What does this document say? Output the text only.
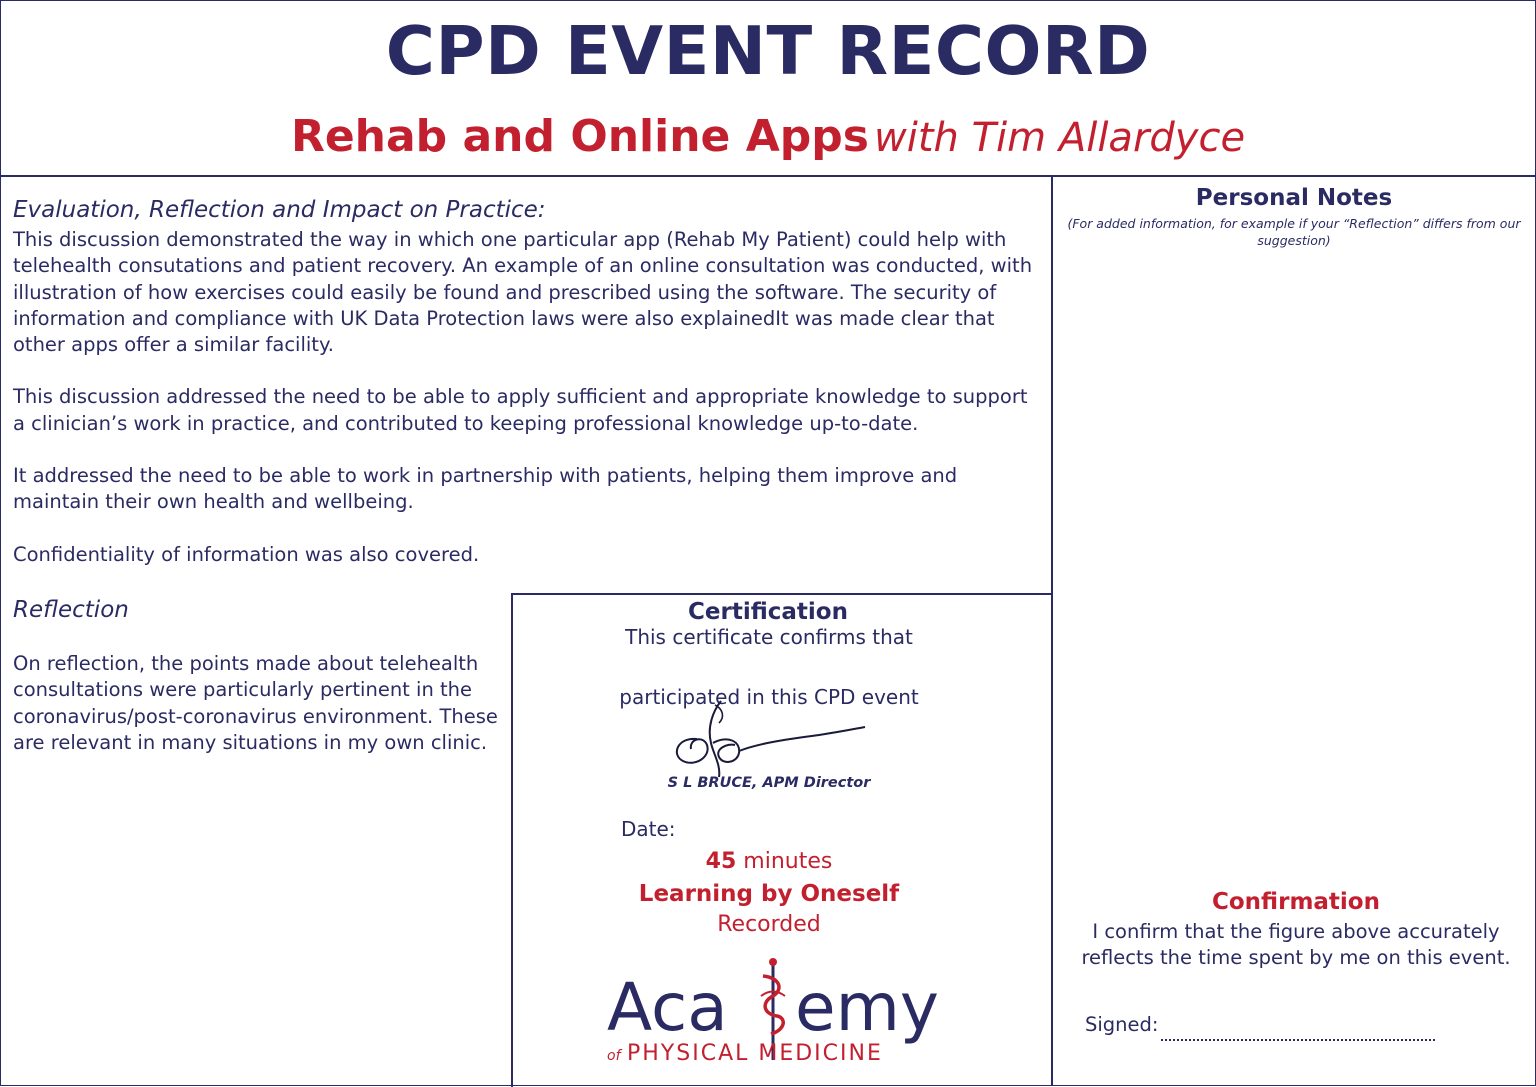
CPD EVENT RECORD
Rehab and Online Apps with Tim Allardyce
Evaluation, Reflection and Impact on Practice:

This discussion demonstrated the way in which one particular app (Rehab My Patient) could help with telehealth consutations and patient recovery. An example of an online consultation was conducted, with illustration of how exercises could easily be found and prescribed using the software. The security of information and compliance with UK Data Protection laws were also explainedIt was made clear that other apps offer a similar facility.

This discussion addressed the need to be able to apply sufficient and appropriate knowledge to support a clinician’s work in practice, and contributed to keeping professional knowledge up-to-date.

It addressed the need to be able to work in partnership with patients, helping them improve and maintain their own health and wellbeing.

Confidentiality of information was also covered.

Reflection
On reflection, the points made about telehealth consultations were particularly pertinent in the coronavirus/post-coronavirus environment. These are relevant in many situations in my own clinic.
Certification
This certificate confirms that
participated in this CPD event
S L BRUCE, APM Director
Date:
45 minutes
Learning by Oneself
Recorded
Aca emy
of PHYSICAL MEDICINE
Personal Notes
(For added information, for example if your “Reflection” differs from our suggestion)
Confirmation
I confirm that the figure above accurately reflects the time spent by me on this event.
Signed:
